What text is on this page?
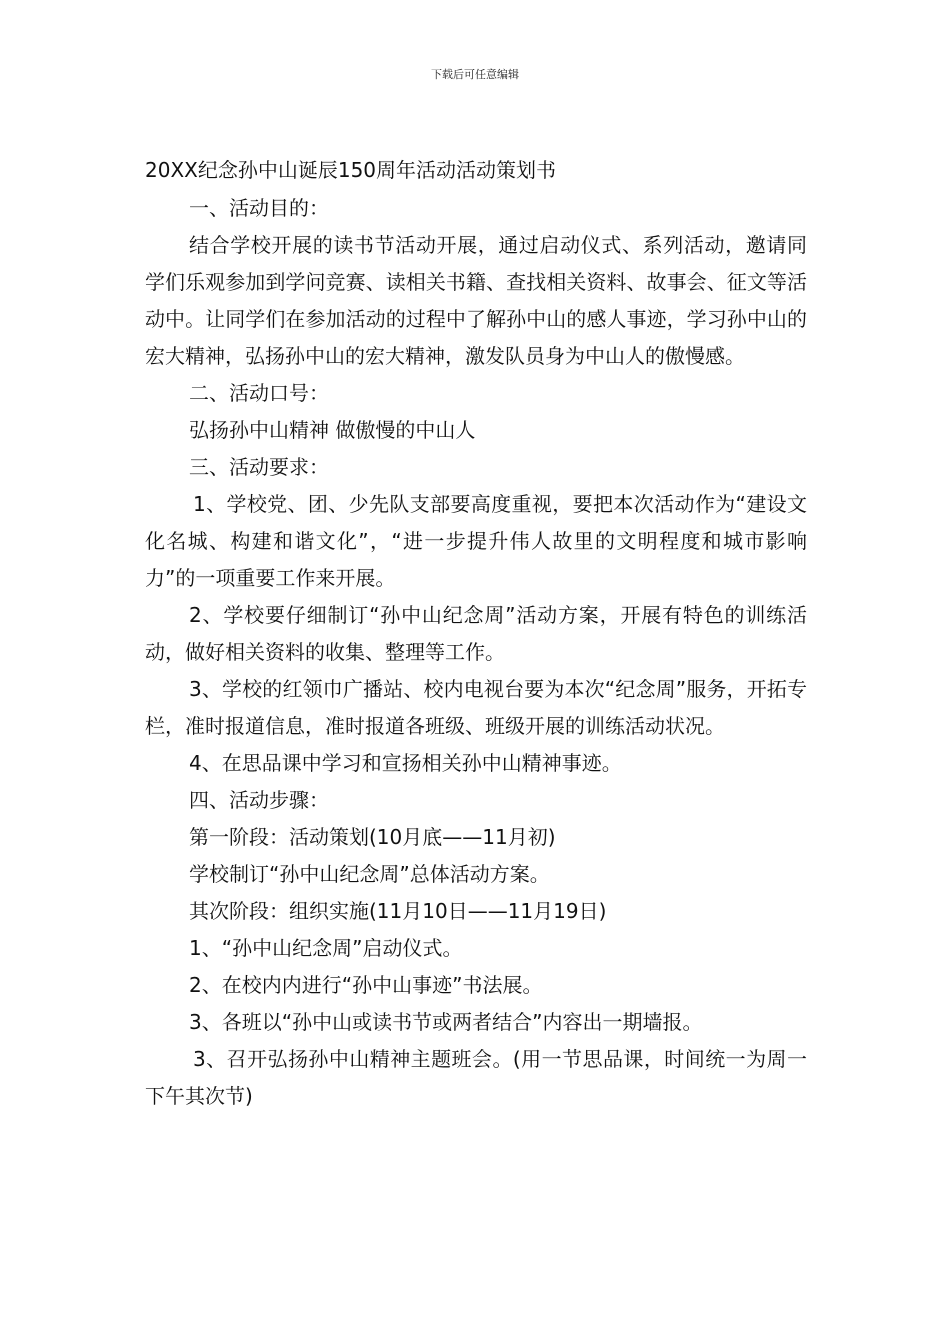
下载后可任意编辑

20XX纪念孙中山诞辰150周年活动活动策划书

一、活动目的：

结合学校开展的读书节活动开展，通过启动仪式、系列活动，邀请同学们乐观参加到学问竞赛、读相关书籍、查找相关资料、故事会、征文等活动中。让同学们在参加活动的过程中了解孙中山的感人事迹，学习孙中山的宏大精神，弘扬孙中山的宏大精神，激发队员身为中山人的傲慢感。

二、活动口号：

弘扬孙中山精神 做傲慢的中山人

三、活动要求：

1、学校党、团、少先队支部要高度重视，要把本次活动作为“建设文化名城、构建和谐文化”，“进一步提升伟人故里的文明程度和城市影响力”的一项重要工作来开展。

2、学校要仔细制订“孙中山纪念周”活动方案，开展有特色的训练活动，做好相关资料的收集、整理等工作。

3、学校的红领巾广播站、校内电视台要为本次“纪念周”服务，开拓专栏，准时报道信息，准时报道各班级、班级开展的训练活动状况。

4、在思品课中学习和宣扬相关孙中山精神事迹。

四、活动步骤：

第一阶段：活动策划(10月底——11月初)

学校制订“孙中山纪念周”总体活动方案。

其次阶段：组织实施(11月10日——11月19日)

1、“孙中山纪念周”启动仪式。

2、在校内内进行“孙中山事迹”书法展。

3、各班以“孙中山或读书节或两者结合”内容出一期墙报。

3、召开弘扬孙中山精神主题班会。(用一节思品课，时间统一为周一下午其次节)
